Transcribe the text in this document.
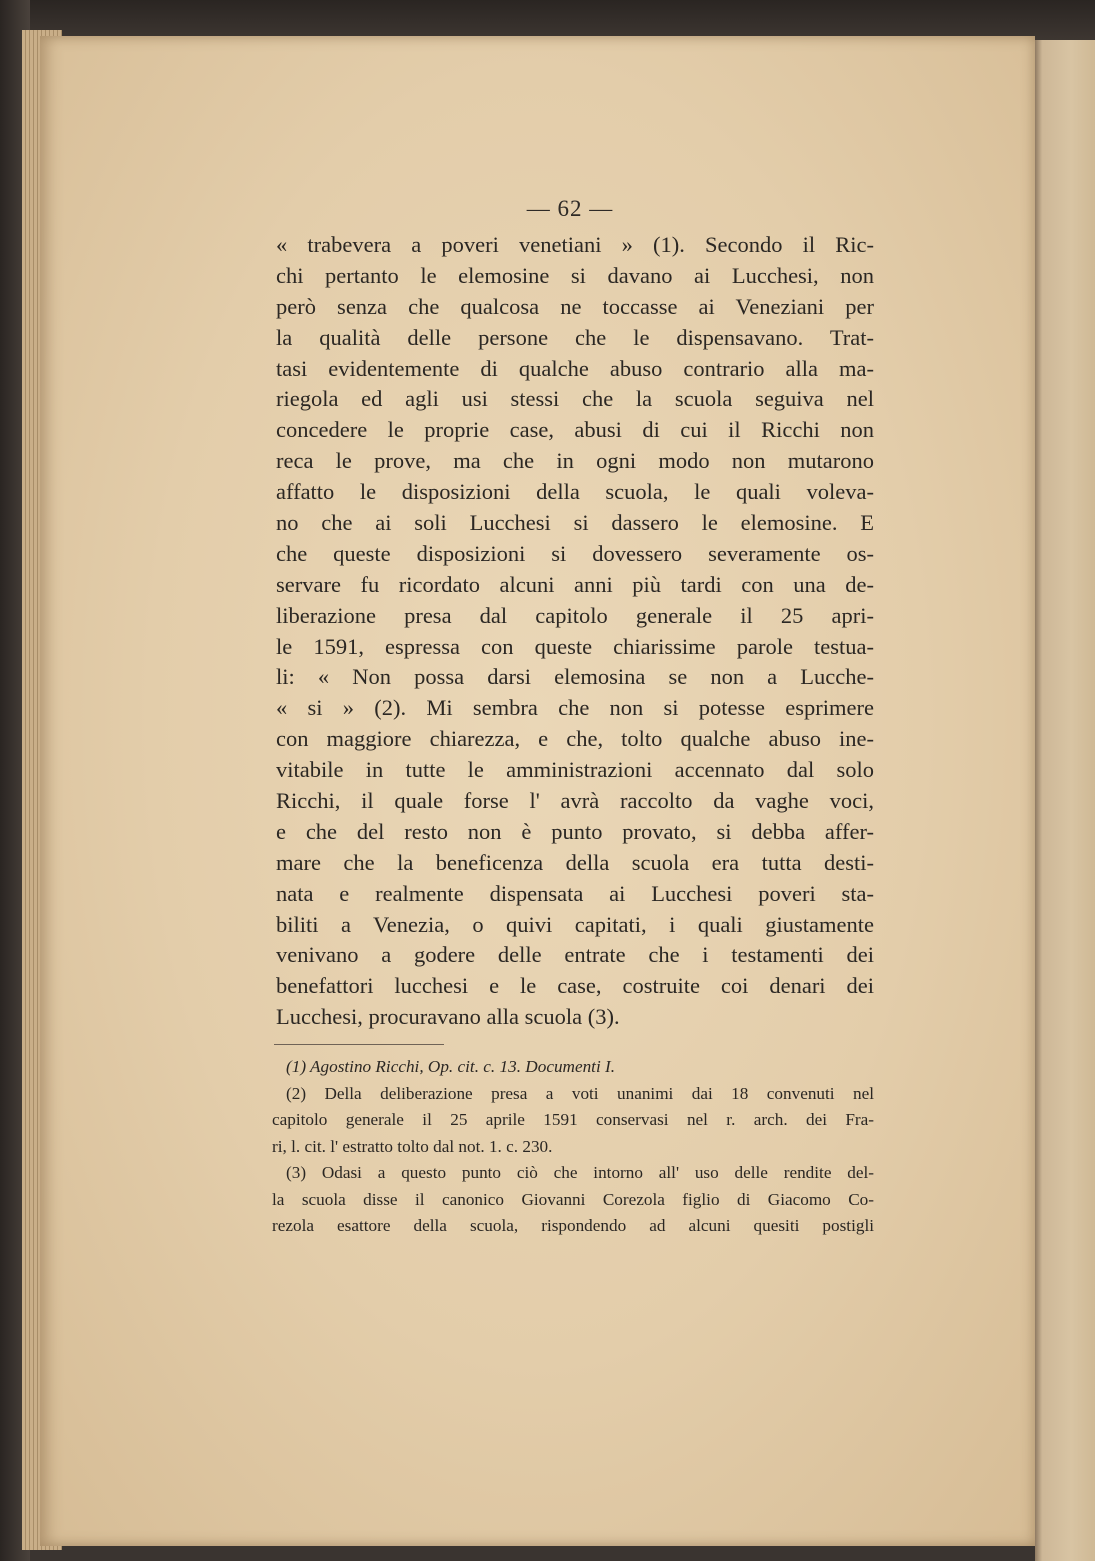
— 62 —
« trabevera a poveri venetiani » (1). Secondo il Ric-
chi pertanto le elemosine si davano ai Lucchesi, non
però senza che qualcosa ne toccasse ai Veneziani per
la qualità delle persone che le dispensavano. Trat-
tasi evidentemente di qualche abuso contrario alla ma-
riegola ed agli usi stessi che la scuola seguiva nel
concedere le proprie case, abusi di cui il Ricchi non
reca le prove, ma che in ogni modo non mutarono
affatto le disposizioni della scuola, le quali voleva-
no che ai soli Lucchesi si dassero le elemosine. E
che queste disposizioni si dovessero severamente os-
servare fu ricordato alcuni anni più tardi con una de-
liberazione presa dal capitolo generale il 25 apri-
le 1591, espressa con queste chiarissime parole testua-
li: « Non possa darsi elemosina se non a Lucche-
« si » (2). Mi sembra che non si potesse esprimere
con maggiore chiarezza, e che, tolto qualche abuso ine-
vitabile in tutte le amministrazioni accennato dal solo
Ricchi, il quale forse l' avrà raccolto da vaghe voci,
e che del resto non è punto provato, si debba affer-
mare che la beneficenza della scuola era tutta desti-
nata e realmente dispensata ai Lucchesi poveri sta-
biliti a Venezia, o quivi capitati, i quali giustamente
venivano a godere delle entrate che i testamenti dei
benefattori lucchesi e le case, costruite coi denari dei
Lucchesi, procuravano alla scuola (3).
(1) Agostino Ricchi, Op. cit. c. 13. Documenti I.
(2) Della deliberazione presa a voti unanimi dai 18 convenuti nel
capitolo generale il 25 aprile 1591 conservasi nel r. arch. dei Fra-
ri, l. cit. l' estratto tolto dal not. 1. c. 230.
(3) Odasi a questo punto ciò che intorno all' uso delle rendite del-
la scuola disse il canonico Giovanni Corezola figlio di Giacomo Co-
rezola esattore della scuola, rispondendo ad alcuni quesiti postigli
